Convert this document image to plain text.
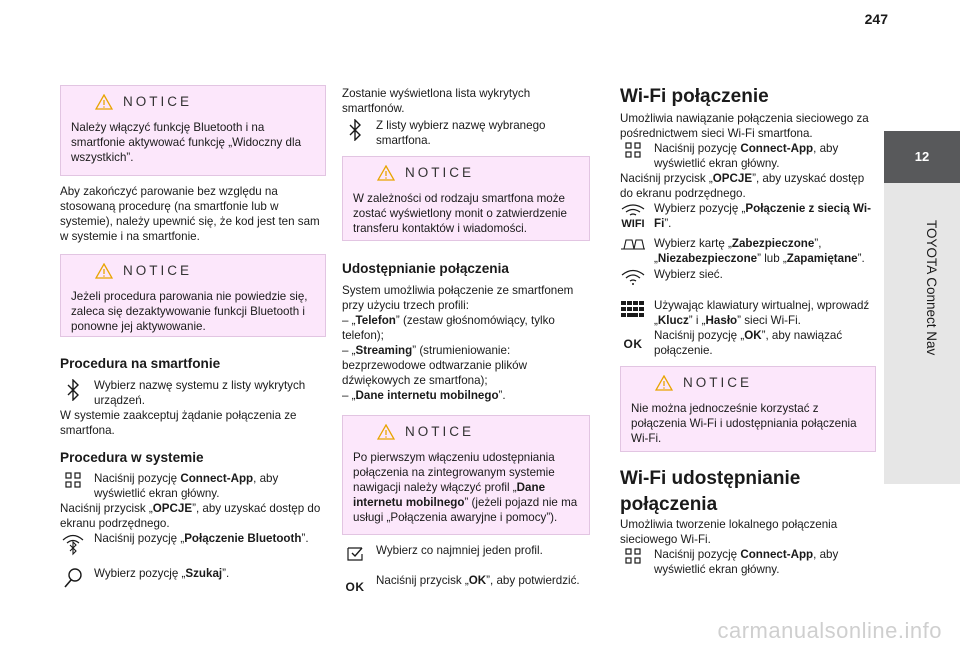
247
12
TOYOTA Connect Nav
NOTICE
Należy włączyć funkcję Bluetooth i na smartfonie aktywować funkcję „Widoczny dla wszystkich”.
Aby zakończyć parowanie bez względu na stosowaną procedurę (na smartfonie lub w systemie), należy upewnić się, że kod jest ten sam w systemie i na smartfonie.
NOTICE
Jeżeli procedura parowania nie powiedzie się, zaleca się dezaktywowanie funkcji Bluetooth i ponowne jej aktywowanie.
Procedura na smartfonie
Wybierz nazwę systemu z listy wykrytych urządzeń.
W systemie zaakceptuj żądanie połączenia ze smartfona.
Procedura w systemie
Naciśnij pozycję Connect-App, aby wyświetlić ekran główny.
Naciśnij przycisk „OPCJE”, aby uzyskać dostęp do ekranu podrzędnego.
Naciśnij pozycję „Połączenie Bluetooth”.
Wybierz pozycję „Szukaj”.
Zostanie wyświetlona lista wykrytych smartfonów.
Z listy wybierz nazwę wybranego smartfona.
NOTICE
W zależności od rodzaju smartfona może zostać wyświetlony monit o zatwierdzenie transferu kontaktów i wiadomości.
Udostępnianie połączenia
System umożliwia połączenie ze smartfonem przy użyciu trzech profili:
– „Telefon” (zestaw głośnomówiący, tylko telefon);
– „Streaming” (strumieniowanie: bezprzewodowe odtwarzanie plików dźwiękowych ze smartfona);
– „Dane internetu mobilnego”.
NOTICE
Po pierwszym włączeniu udostępniania połączenia na zintegrowanym systemie nawigacji należy włączyć profil „Dane internetu mobilnego” (jeżeli pojazd nie ma usługi „Połączenia awaryjne i pomocy”).
Wybierz co najmniej jeden profil.
OK Naciśnij przycisk „OK”, aby potwierdzić.
Wi-Fi połączenie
Umożliwia nawiązanie połączenia sieciowego za pośrednictwem sieci Wi-Fi smartfona.
Naciśnij pozycję Connect-App, aby wyświetlić ekran główny.
Naciśnij przycisk „OPCJE”, aby uzyskać dostęp do ekranu podrzędnego.
WIFI
Wybierz pozycję „Połączenie z siecią Wi-Fi”.
Wybierz kartę „Zabezpieczone”, „Niezabezpieczone” lub „Zapamiętane”.
Wybierz sieć.
Używając klawiatury wirtualnej, wprowadź „Klucz” i „Hasło” sieci Wi-Fi.
OK
Naciśnij pozycję „OK”, aby nawiązać połączenie.
NOTICE
Nie można jednocześnie korzystać z połączenia Wi-Fi i udostępniania połączenia Wi-Fi.
Wi-Fi udostępnianie połączenia
Umożliwia tworzenie lokalnego połączenia sieciowego Wi-Fi.
Naciśnij pozycję Connect-App, aby wyświetlić ekran główny.
carmanualsonline.info
